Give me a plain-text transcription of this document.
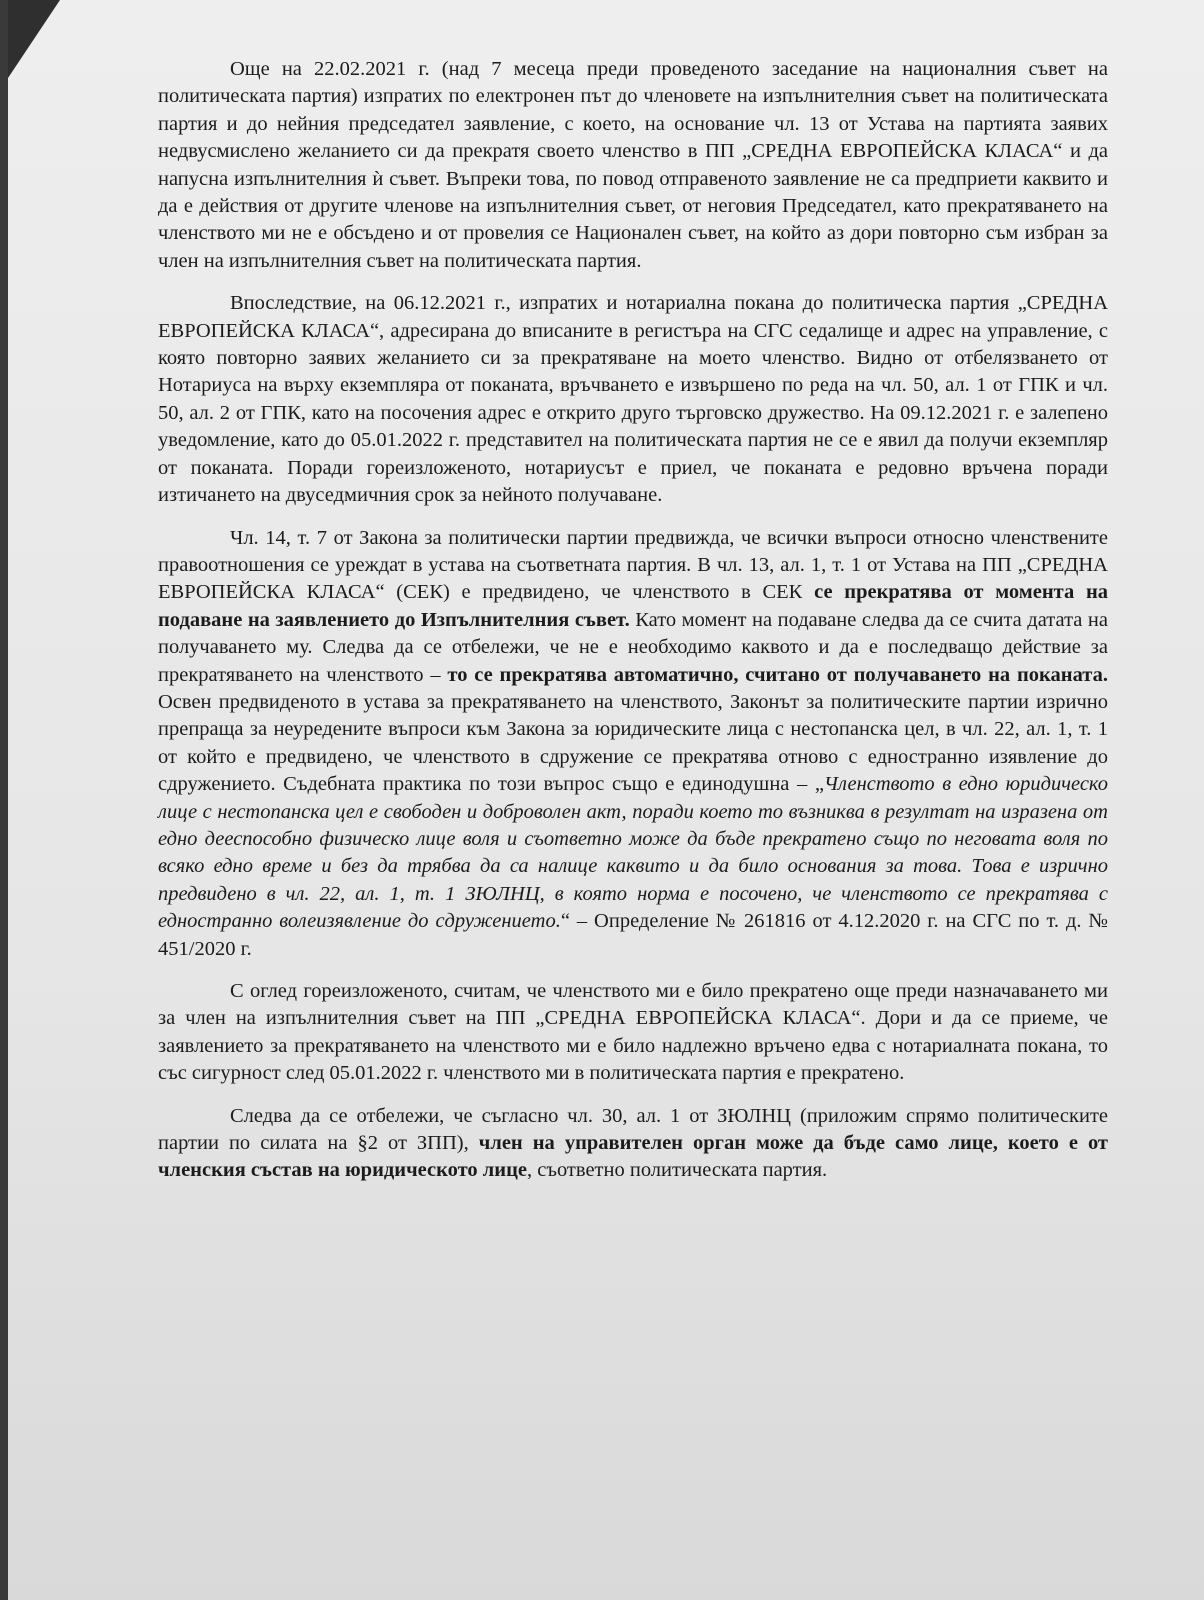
Още на 22.02.2021 г. (над 7 месеца преди проведеното заседание на националния съвет на политическата партия) изпратих по електронен път до членовете на изпълнителния съвет на политическата партия и до нейния председател заявление, с което, на основание чл. 13 от Устава на партията заявих недвусмислено желанието си да прекратя своето членство в ПП „СРЕДНА ЕВРОПЕЙСКА КЛАСА“ и да напусна изпълнителния ѝ съвет. Въпреки това, по повод отправеното заявление не са предприети каквито и да е действия от другите членове на изпълнителния съвет, от неговия Председател, като прекратяването на членството ми не е обсъдено и от провелия се Национален съвет, на който аз дори повторно съм избран за член на изпълнителния съвет на политическата партия.

Впоследствие, на 06.12.2021 г., изпратих и нотариална покана до политическа партия „СРЕДНА ЕВРОПЕЙСКА КЛАСА“, адресирана до вписаните в регистъра на СГС седалище и адрес на управление, с която повторно заявих желанието си за прекратяване на моето членство. Видно от отбелязването от Нотариуса на върху екземпляра от поканата, връчването е извършено по реда на чл. 50, ал. 1 от ГПК и чл. 50, ал. 2 от ГПК, като на посочения адрес е открито друго търговско дружество. На 09.12.2021 г. е залепено уведомление, като до 05.01.2022 г. представител на политическата партия не се е явил да получи екземпляр от поканата. Поради гореизложеното, нотариусът е приел, че поканата е редовно връчена поради изтичането на двуседмичния срок за нейното получаване.

Чл. 14, т. 7 от Закона за политически партии предвижда, че всички въпроси относно членствените правоотношения се уреждат в устава на съответната партия. В чл. 13, ал. 1, т. 1 от Устава на ПП „СРЕДНА ЕВРОПЕЙСКА КЛАСА“ (СЕК) е предвидено, че членството в СЕК се прекратява от момента на подаване на заявлението до Изпълнителния съвет. Като момент на подаване следва да се счита датата на получаването му. Следва да се отбележи, че не е необходимо каквото и да е последващо действие за прекратяването на членството – то се прекратява автоматично, считано от получаването на поканата. Освен предвиденото в устава за прекратяването на членството, Законът за политическите партии изрично препраща за неуредените въпроси към Закона за юридическите лица с нестопанска цел, в чл. 22, ал. 1, т. 1 от който е предвидено, че членството в сдружение се прекратява отново с едностранно изявление до сдружението. Съдебната практика по този въпрос също е единодушна – „Членството в едно юридическо лице с нестопанска цел е свободен и доброволен акт, поради което то възниква в резултат на изразена от едно дееспособно физическо лице воля и съответно може да бъде прекратено също по неговата воля по всяко едно време и без да трябва да са налице каквито и да било основания за това. Това е изрично предвидено в чл. 22, ал. 1, т. 1 ЗЮЛНЦ, в която норма е посочено, че членството се прекратява с едностранно волеизявление до сдружението.“ – Определение № 261816 от 4.12.2020 г. на СГС по т. д. № 451/2020 г.

С оглед гореизложеното, считам, че членството ми е било прекратено още преди назначаването ми за член на изпълнителния съвет на ПП „СРЕДНА ЕВРОПЕЙСКА КЛАСА“. Дори и да се приеме, че заявлението за прекратяването на членството ми е било надлежно връчено едва с нотариалната покана, то със сигурност след 05.01.2022 г. членството ми в политическата партия е прекратено.

Следва да се отбележи, че съгласно чл. 30, ал. 1 от ЗЮЛНЦ (приложим спрямо политическите партии по силата на §2 от ЗПП), член на управителен орган може да бъде само лице, което е от членския състав на юридическото лице, съответно политическата партия.
